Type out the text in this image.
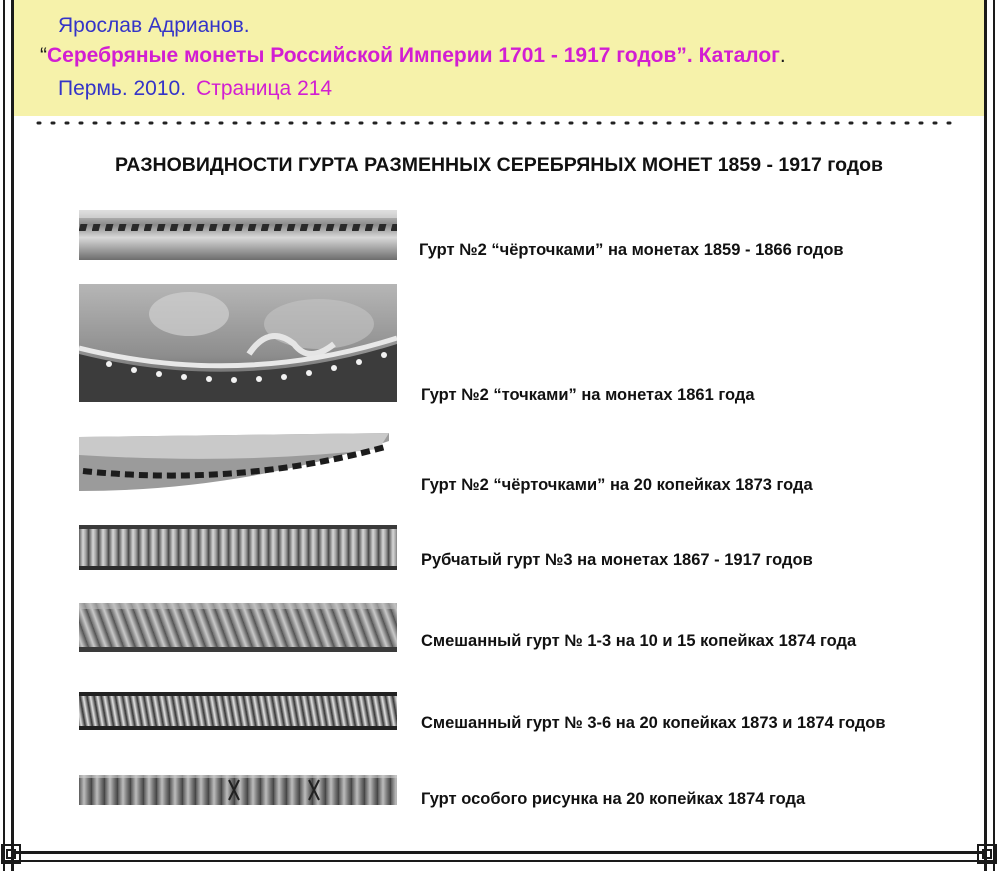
Ярослав Адрианов.
“Серебряные монеты Российской Империи 1701 - 1917 годов”. Каталог.
Пермь. 2010. Страница 214
РАЗНОВИДНОСТИ ГУРТА РАЗМЕННЫХ СЕРЕБРЯНЫХ МОНЕТ 1859 - 1917 годов
Гурт №2 “чёрточками” на монетах 1859 - 1866 годов
Гурт №2 “точками” на монетах 1861 года
Гурт №2 “чёрточками” на 20 копейках 1873 года
Рубчатый гурт №3 на монетах 1867 - 1917 годов
Смешанный гурт № 1-3 на 10 и 15 копейках 1874 года
Смешанный гурт № 3-6 на 20 копейках 1873 и 1874 годов
Гурт особого рисунка на 20 копейках 1874 года
